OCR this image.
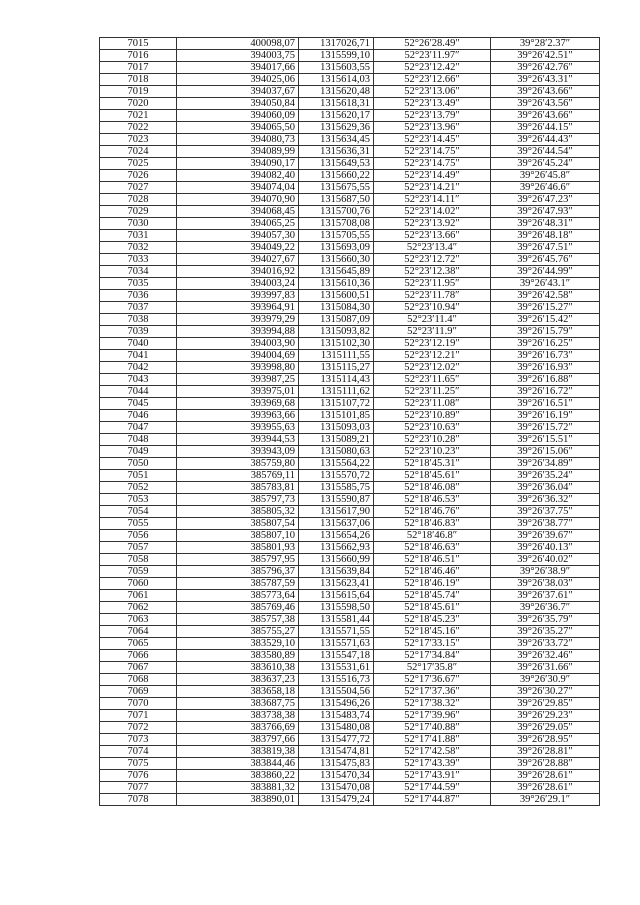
7015	400098,07	1317026,71	52°26′28.49″	39°28′2.37″
7016	394003,75	1315599,10	52°23′11.97″	39°26′42.51″
7017	394017,66	1315603,55	52°23′12.42″	39°26′42.76″
7018	394025,06	1315614,03	52°23′12.66″	39°26′43.31″
7019	394037,67	1315620,48	52°23′13.06″	39°26′43.66″
7020	394050,84	1315618,31	52°23′13.49″	39°26′43.56″
7021	394060,09	1315620,17	52°23′13.79″	39°26′43.66″
7022	394065,50	1315629,36	52°23′13.96″	39°26′44.15″
7023	394080,73	1315634,45	52°23′14.45″	39°26′44.43″
7024	394089,99	1315636,31	52°23′14.75″	39°26′44.54″
7025	394090,17	1315649,53	52°23′14.75″	39°26′45.24″
7026	394082,40	1315660,22	52°23′14.49″	39°26′45.8″
7027	394074,04	1315675,55	52°23′14.21″	39°26′46.6″
7028	394070,90	1315687,50	52°23′14.11″	39°26′47.23″
7029	394068,45	1315700,76	52°23′14.02″	39°26′47.93″
7030	394065,25	1315708,08	52°23′13.92″	39°26′48.31″
7031	394057,30	1315705,55	52°23′13.66″	39°26′48.18″
7032	394049,22	1315693,09	52°23′13.4″	39°26′47.51″
7033	394027,67	1315660,30	52°23′12.72″	39°26′45.76″
7034	394016,92	1315645,89	52°23′12.38″	39°26′44.99″
7035	394003,24	1315610,36	52°23′11.95″	39°26′43.1″
7036	393997,83	1315600,51	52°23′11.78″	39°26′42.58″
7037	393964,91	1315084,30	52°23′10.94″	39°26′15.27″
7038	393979,29	1315087,09	52°23′11.4″	39°26′15.42″
7039	393994,88	1315093,82	52°23′11.9″	39°26′15.79″
7040	394003,90	1315102,30	52°23′12.19″	39°26′16.25″
7041	394004,69	1315111,55	52°23′12.21″	39°26′16.73″
7042	393998,80	1315115,27	52°23′12.02″	39°26′16.93″
7043	393987,25	1315114,43	52°23′11.65″	39°26′16.88″
7044	393975,01	1315111,62	52°23′11.25″	39°26′16.72″
7045	393969,68	1315107,72	52°23′11.08″	39°26′16.51″
7046	393963,66	1315101,85	52°23′10.89″	39°26′16.19″
7047	393955,63	1315093,03	52°23′10.63″	39°26′15.72″
7048	393944,53	1315089,21	52°23′10.28″	39°26′15.51″
7049	393943,09	1315080,63	52°23′10.23″	39°26′15.06″
7050	385759,80	1315564,22	52°18′45.31″	39°26′34.89″
7051	385769,11	1315570,72	52°18′45.61″	39°26′35.24″
7052	385783,81	1315585,75	52°18′46.08″	39°26′36.04″
7053	385797,73	1315590,87	52°18′46.53″	39°26′36.32″
7054	385805,32	1315617,90	52°18′46.76″	39°26′37.75″
7055	385807,54	1315637,06	52°18′46.83″	39°26′38.77″
7056	385807,10	1315654,26	52°18′46.8″	39°26′39.67″
7057	385801,93	1315662,93	52°18′46.63″	39°26′40.13″
7058	385797,95	1315660,99	52°18′46.51″	39°26′40.02″
7059	385796,37	1315639,84	52°18′46.46″	39°26′38.9″
7060	385787,59	1315623,41	52°18′46.19″	39°26′38.03″
7061	385773,64	1315615,64	52°18′45.74″	39°26′37.61″
7062	385769,46	1315598,50	52°18′45.61″	39°26′36.7″
7063	385757,38	1315581,44	52°18′45.23″	39°26′35.79″
7064	385755,27	1315571,55	52°18′45.16″	39°26′35.27″
7065	383529,10	1315571,63	52°17′33.15″	39°26′33.72″
7066	383580,89	1315547,18	52°17′34.84″	39°26′32.46″
7067	383610,38	1315531,61	52°17′35.8″	39°26′31.66″
7068	383637,23	1315516,73	52°17′36.67″	39°26′30.9″
7069	383658,18	1315504,56	52°17′37.36″	39°26′30.27″
7070	383687,75	1315496,26	52°17′38.32″	39°26′29.85″
7071	383738,38	1315483,74	52°17′39.96″	39°26′29.23″
7072	383766,69	1315480,08	52°17′40.88″	39°26′29.05″
7073	383797,66	1315477,72	52°17′41.88″	39°26′28.95″
7074	383819,38	1315474,81	52°17′42.58″	39°26′28.81″
7075	383844,46	1315475,83	52°17′43.39″	39°26′28.88″
7076	383860,22	1315470,34	52°17′43.91″	39°26′28.61″
7077	383881,32	1315470,08	52°17′44.59″	39°26′28.61″
7078	383890,01	1315479,24	52°17′44.87″	39°26′29.1″
